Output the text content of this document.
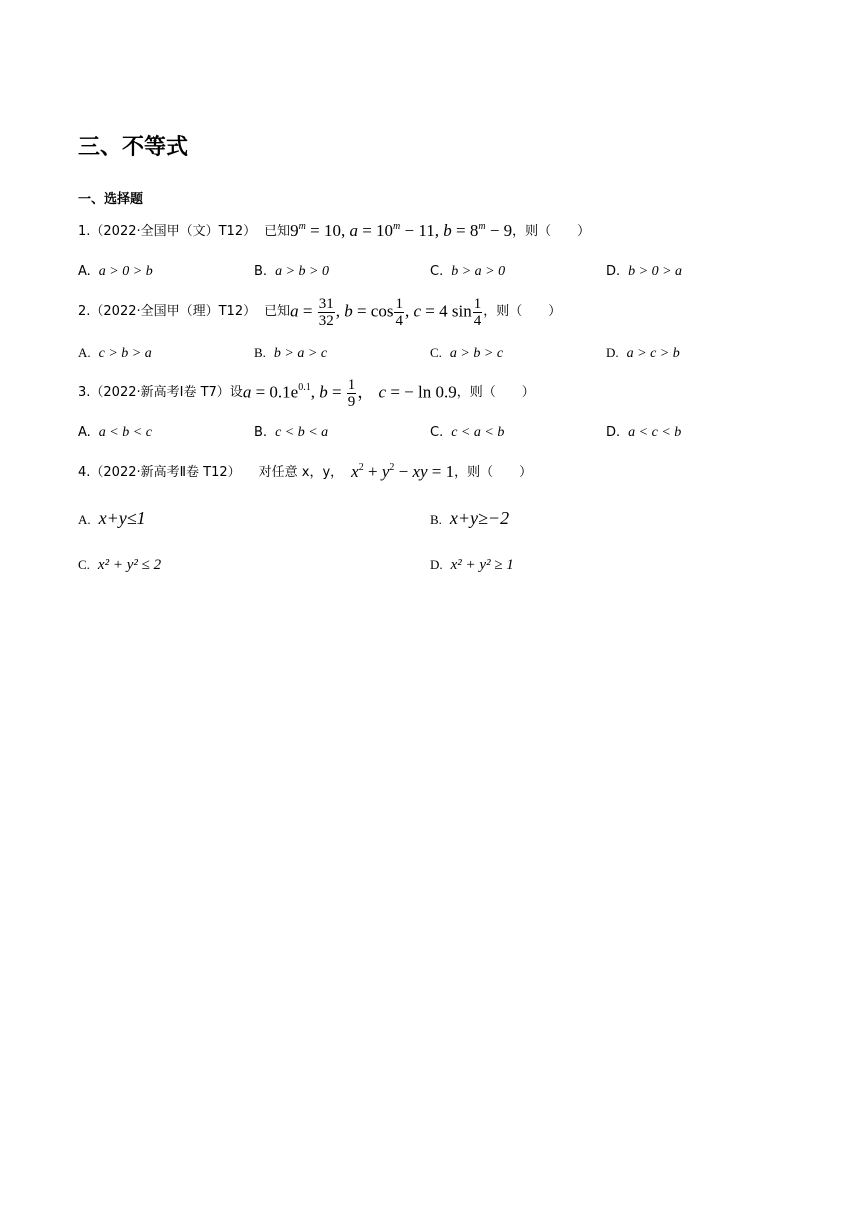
三、不等式
一、选择题
1.（2022·全国甲（文）T12） 已知 $9^m = 10$, $a = 10^m - 11$, $b = 8^m - 9$ ，则（　　）
A. a > 0 > b	B. a > b > 0	C. b > a > 0	D. b > 0 > a
2.（2022·全国甲（理）T12） 已知 $a = \frac{31}{32}$ , $b = \cos \frac{1}{4}$ , c = 4 $\sin \frac{1}{4}$ ，则（　　）
A. c > b > a	B. b > a > c	C. a > b > c	D. a > c > b
3.（2022·新高考Ⅰ卷 T7）设 $a = 0.1e^{0.1}$, $b = \frac{1}{9}$ ， c = − ln 0.9 ，则（　　）
A. a < b < c	B. c < b < a	C. c < a < b	D. a < c < b
4.（2022·新高考Ⅱ卷 T12） 对任意 x，y， $x^2 + y^2$ − xy = 1 ，则（　　）
A. x+y≤1	B. x+y≥−2
C. x² + y² ≤ 2	D. x² + y² ≥ 1
